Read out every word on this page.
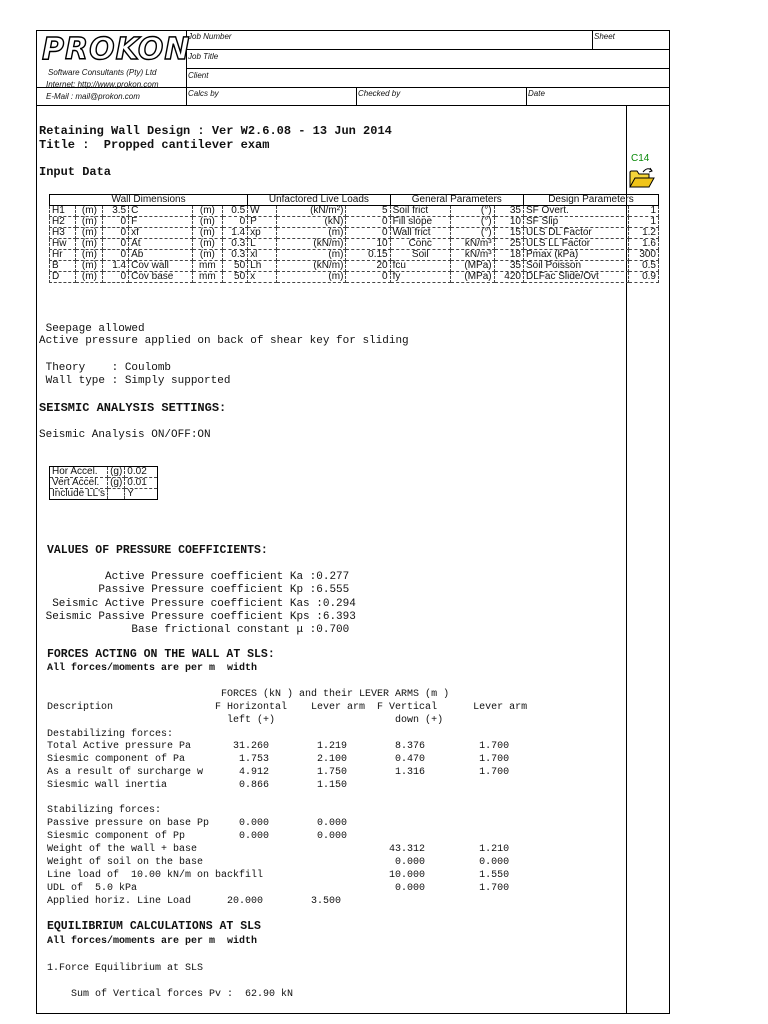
PROKON
Software Consultants (Pty) Ltd
Internet: http://www.prokon.com
E-Mail : mail@prokon.com
Job Number	Sheet
Job Title
Client
Calcs by	Checked by	Date
C14
Retaining Wall Design : Ver W2.6.08 - 13 Jun 2014
Title :  Propped cantilever exam
Input Data
Wall Dimensions						Unfactored Live Loads			General Parameters			Design Parameters	
H1	(m)	3.5	C	(m)	0.5	W	(kN/m²)	5	Soil frict	(°)	35	SF Overt.	1
H2	(m)	0	F	(m)	0	P	(kN)	0	Fill slope	(°)	10	SF Slip	1
H3	(m)	0	xf	(m)	1.4	xp	(m)	0	Wall frict	(°)	15	ULS DL Factor	1.2
Hw	(m)	0	At	(m)	0.3	L	(kN/m)	10	Conc	kN/m³	25	ULS LL Factor	1.6
Hr	(m)	0	Ab	(m)	0.3	xl	(m)	0.15	Soil	kN/m³	18	Pmax (kPa)	300
B	(m)	1.4	Cov wall	mm	50	Lh	(kN/m)	20	fcu	(MPa)	35	Soil Poisson	0.5
D	(m)	0	Cov base	mm	50	x	(m)	0	fy	(MPa)	420	DLFac Slide/Ovt	0.9
Seepage allowed
Active pressure applied on back of shear key for sliding
Theory    : Coulomb
Wall type : Simply supported
SEISMIC ANALYSIS SETTINGS:
Seismic Analysis ON/OFF:ON
Hor Accel.	(g)	0.02
Vert Accel.	(g)	0.01
Include LL's		Y
VALUES OF PRESSURE COEFFICIENTS:
Active Pressure coefficient Ka :0.277
Passive Pressure coefficient Kp :6.555
Seismic Active Pressure coefficient Kas :0.294
Seismic Passive Pressure coefficient Kps :6.393
Base frictional constant μ :0.700
FORCES ACTING ON THE WALL AT SLS:
All forces/moments are per m  width
FORCES (kN ) and their LEVER ARMS (m )
Description                 F Horizontal    Lever arm  F Vertical      Lever arm
left (+)                    down (+)
Destabilizing forces:
Total Active pressure Pa       31.260        1.219        8.376         1.700
Siesmic component of Pa         1.753        2.100        0.470         1.700
As a result of surcharge w      4.912        1.750        1.316         1.700
Siesmic wall inertia            0.866        1.150
Stabilizing forces:
Passive pressure on base Pp     0.000        0.000
Siesmic component of Pp         0.000        0.000
Weight of the wall + base                                43.312         1.210
Weight of soil on the base                                0.000         0.000
Line load of  10.00 kN/m on backfill                     10.000         1.550
UDL of  5.0 kPa                                           0.000         1.700
Applied horiz. Line Load      20.000        3.500
EQUILIBRIUM CALCULATIONS AT SLS
All forces/moments are per m  width
1.Force Equilibrium at SLS
Sum of Vertical forces Pv :  62.90 kN
